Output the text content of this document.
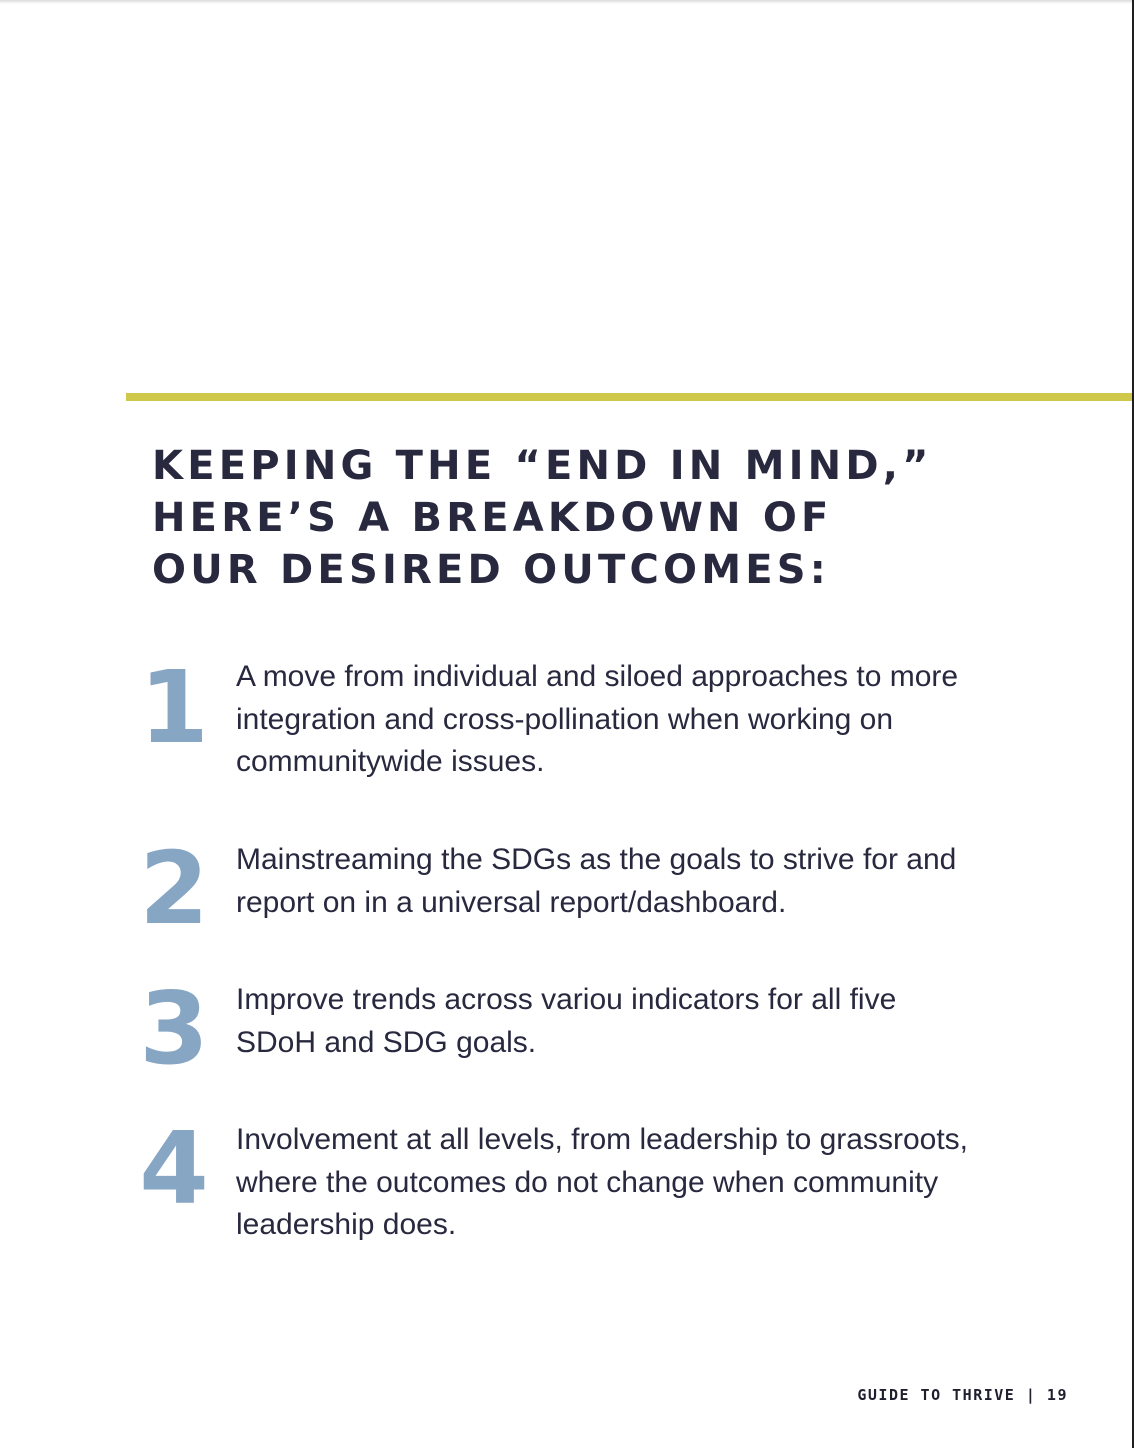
KEEPING THE “END IN MIND,”
HERE’S A BREAKDOWN OF
OUR DESIRED OUTCOMES:
1 A move from individual and siloed approaches to more
integration and cross-pollination when working on
communitywide issues.

2 Mainstreaming the SDGs as the goals to strive for and
report on in a universal report/dashboard.

3 Improve trends across variou indicators for all five
SDoH and SDG goals.

4 Involvement at all levels, from leadership to grassroots,
where the outcomes do not change when community
leadership does.

GUIDE TO THRIVE | 19
